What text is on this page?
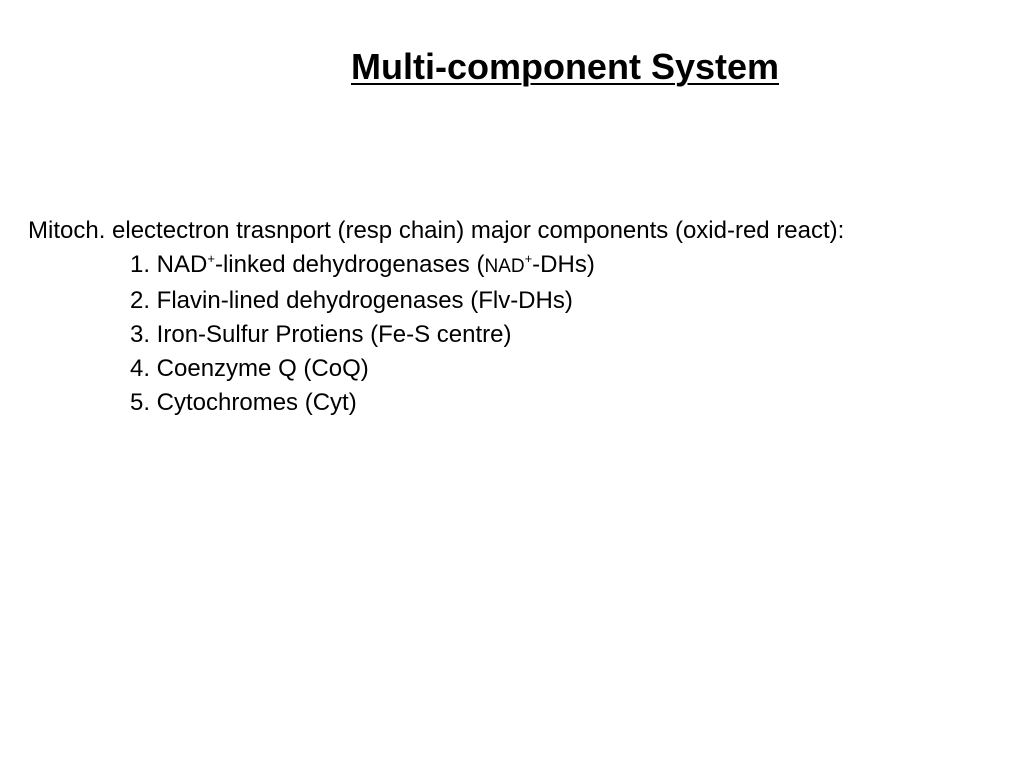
Multi-component System

Mitoch. electectron trasnport (resp chain) major components (oxid-red react):

1. NAD+-linked dehydrogenases (NAD+-DHs)
2. Flavin-lined dehydrogenases (Flv-DHs)
3. Iron-Sulfur Protiens (Fe-S centre)
4. Coenzyme Q (CoQ)
5. Cytochromes (Cyt)
